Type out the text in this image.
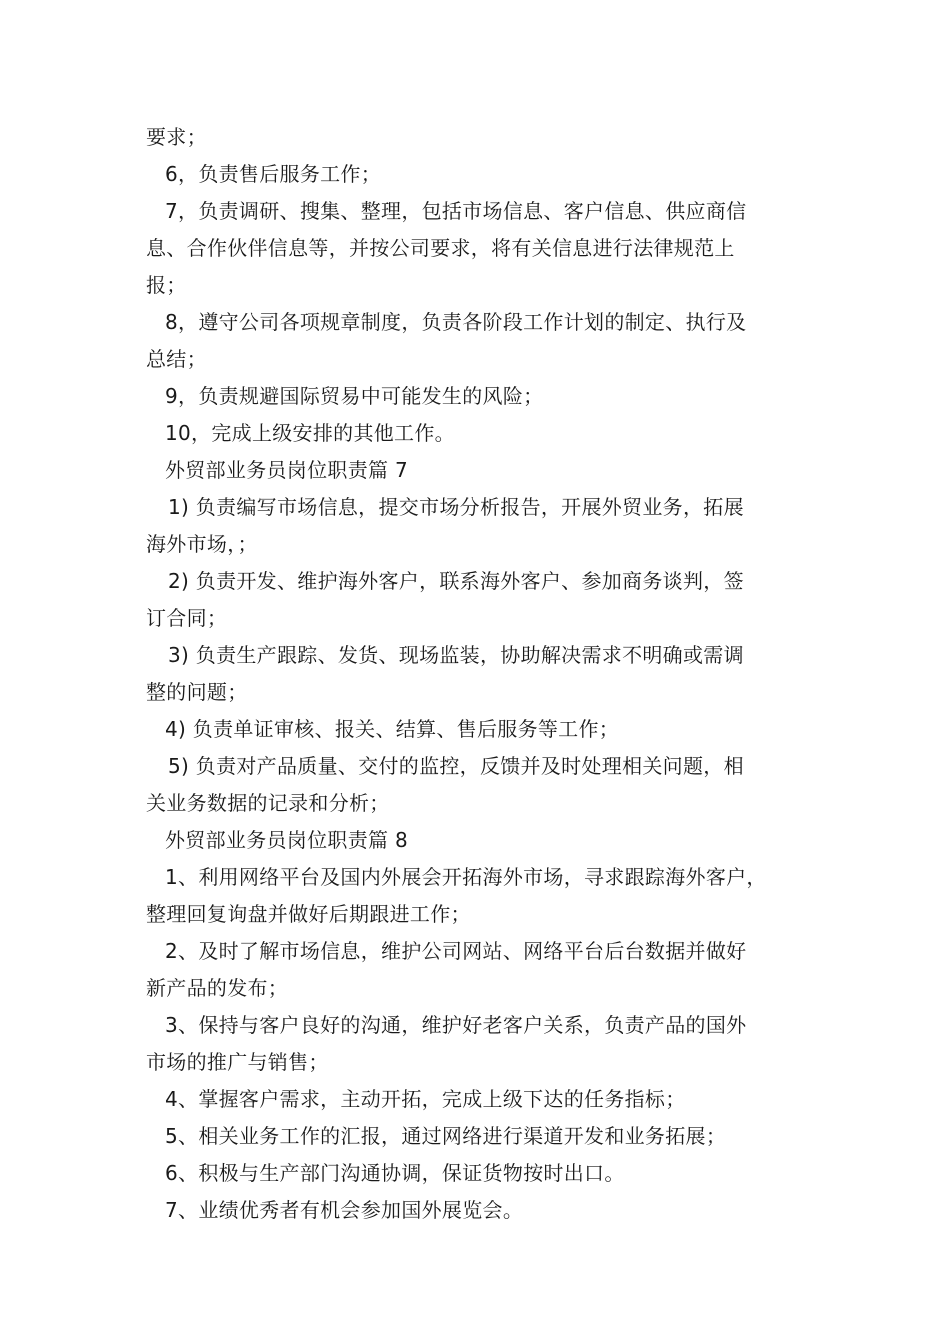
要求；
6，负责售后服务工作；
7，负责调研、搜集、整理，包括市场信息、客户信息、供应商信
息、合作伙伴信息等，并按公司要求，将有关信息进行法律规范上
报；
8，遵守公司各项规章制度，负责各阶段工作计划的制定、执行及
总结；
9，负责规避国际贸易中可能发生的风险；
10，完成上级安排的其他工作。
外贸部业务员岗位职责篇 7
1) 负责编写市场信息，提交市场分析报告，开展外贸业务，拓展
海外市场，；
2) 负责开发、维护海外客户，联系海外客户、参加商务谈判，签
订合同；
3) 负责生产跟踪、发货、现场监装，协助解决需求不明确或需调
整的问题；
4) 负责单证审核、报关、结算、售后服务等工作；
5) 负责对产品质量、交付的监控，反馈并及时处理相关问题，相
关业务数据的记录和分析；
外贸部业务员岗位职责篇 8
1、利用网络平台及国内外展会开拓海外市场，寻求跟踪海外客户，
整理回复询盘并做好后期跟进工作；
2、及时了解市场信息，维护公司网站、网络平台后台数据并做好
新产品的发布；
3、保持与客户良好的沟通，维护好老客户关系，负责产品的国外
市场的推广与销售；
4、掌握客户需求，主动开拓，完成上级下达的任务指标；
5、相关业务工作的汇报，通过网络进行渠道开发和业务拓展；
6、积极与生产部门沟通协调，保证货物按时出口。
7、业绩优秀者有机会参加国外展览会。
